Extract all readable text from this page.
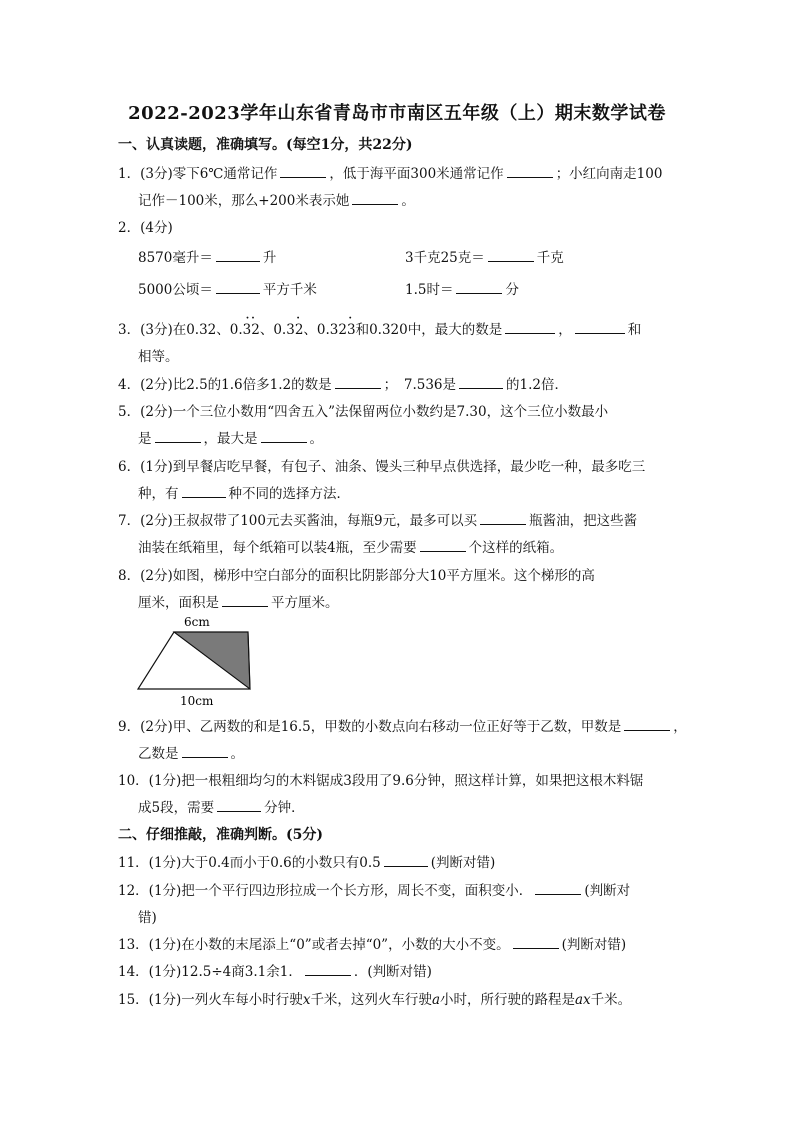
2022-2023学年山东省青岛市市南区五年级（上）期末数学试卷
一、认真读题，准确填写。(每空1分，共22分)
1．(3分)零下6℃通常记作	，低于海平面300米通常记作	；小红向南走100
记作－100米，那么+200米表示她	。
2．(4分)
8570毫升＝	升	3千克25克＝	千克
5000公顷＝	平方千米	1.5时＝	分
3．(3分)在0.32、0.
··
32、0.3
·
2、0.32
·
3和0.320中，最大的数是	，	和
相等。
4．(2分)比2.5的1.6倍多1.2的数是	；　7.536是	的1.2倍．
5．(2分)一个三位小数用“四舍五入”法保留两位小数约是7.30，这个三位小数最小
是	，最大是	。
6．(1分)到早餐店吃早餐，有包子、油条、馒头三种早点供选择，最少吃一种，最多吃三
种，有	种不同的选择方法．
7．(2分)王叔叔带了100元去买酱油，每瓶9元，最多可以买	瓶酱油，把这些酱
油装在纸箱里，每个纸箱可以装4瓶，至少需要	个这样的纸箱。
8．(2分)如图，梯形中空白部分的面积比阴影部分大10平方厘米。这个梯形的高
厘米，面积是	平方厘米。
6cm
10cm
9．(2分)甲、乙两数的和是16.5，甲数的小数点向右移动一位正好等于乙数，甲数是	，
乙数是	。
10．(1分)把一根粗细均匀的木料锯成3段用了9.6分钟，照这样计算，如果把这根木料锯
成5段，需要	分钟．
二、仔细推敲，准确判断。(5分)
11．(1分)大于0.4而小于0.6的小数只有0.5	(判断对错)
12．(1分)把一个平行四边形拉成一个长方形，周长不变，面积变小．	(判断对
错)
13．(1分)在小数的末尾添上“0”或者去掉“0”，小数的大小不变。	(判断对错)
14．(1分)12.5÷4商3.1余1．	．(判断对错)
15．(1分)一列火车每小时行驶x千米，这列火车行驶a小时，所行驶的路程是ax千米。
